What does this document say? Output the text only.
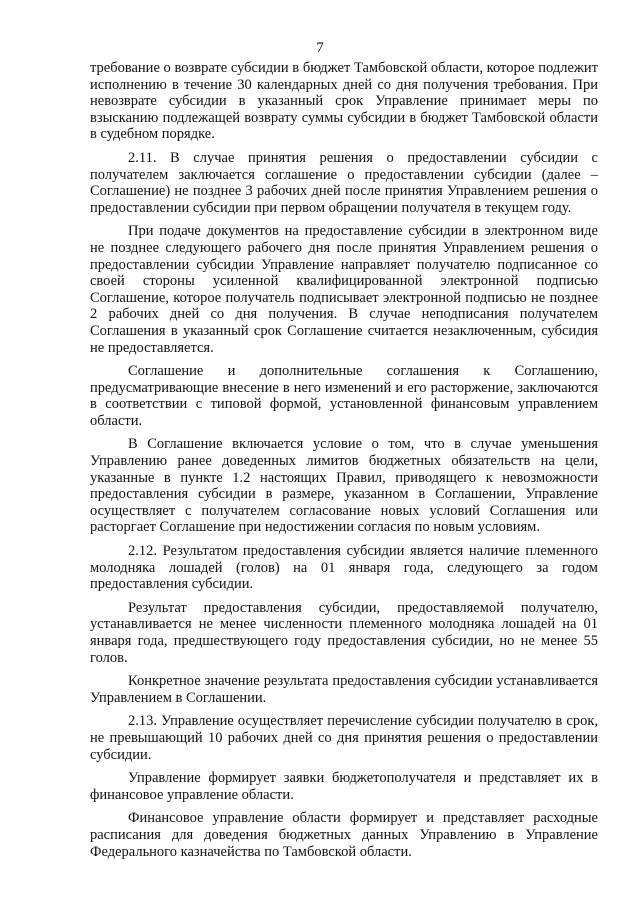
7

требование о возврате субсидии в бюджет Тамбовской области, которое подлежит исполнению в течение 30 календарных дней со дня получения требования. При невозврате субсидии в указанный срок Управление принимает меры по взысканию подлежащей возврату суммы субсидии в бюджет Тамбовской области в судебном порядке.

2.11. В случае принятия решения о предоставлении субсидии с получателем заключается соглашение о предоставлении субсидии (далее – Соглашение) не позднее 3 рабочих дней после принятия Управлением решения о предоставлении субсидии при первом обращении получателя в текущем году.

При подаче документов на предоставление субсидии в электронном виде не позднее следующего рабочего дня после принятия Управлением решения о предоставлении субсидии Управление направляет получателю подписанное со своей стороны усиленной квалифицированной электронной подписью Соглашение, которое получатель подписывает электронной подписью не позднее 2 рабочих дней со дня получения. В случае неподписания получателем Соглашения в указанный срок Соглашение считается незаключенным, субсидия не предоставляется.

Соглашение и дополнительные соглашения к Соглашению, предусматривающие внесение в него изменений и его расторжение, заключаются в соответствии с типовой формой, установленной финансовым управлением области.

В Соглашение включается условие о том, что в случае уменьшения Управлению ранее доведенных лимитов бюджетных обязательств на цели, указанные в пункте 1.2 настоящих Правил, приводящего к невозможности предоставления субсидии в размере, указанном в Соглашении, Управление осуществляет с получателем согласование новых условий Соглашения или расторгает Соглашение при недостижении согласия по новым условиям.

2.12. Результатом предоставления субсидии является наличие племенного молодняка лошадей (голов) на 01 января года, следующего за годом предоставления субсидии.

Результат предоставления субсидии, предоставляемой получателю, устанавливается не менее численности племенного молодняка лошадей на 01 января года, предшествующего году предоставления субсидии, но не менее 55 голов.

Конкретное значение результата предоставления субсидии устанавливается Управлением в Соглашении.

2.13. Управление осуществляет перечисление субсидии получателю в срок, не превышающий 10 рабочих дней со дня принятия решения о предоставлении субсидии.

Управление формирует заявки бюджетополучателя и представляет их в финансовое управление области.

Финансовое управление области формирует и представляет расходные расписания для доведения бюджетных данных Управлению в Управление Федерального казначейства по Тамбовской области.
